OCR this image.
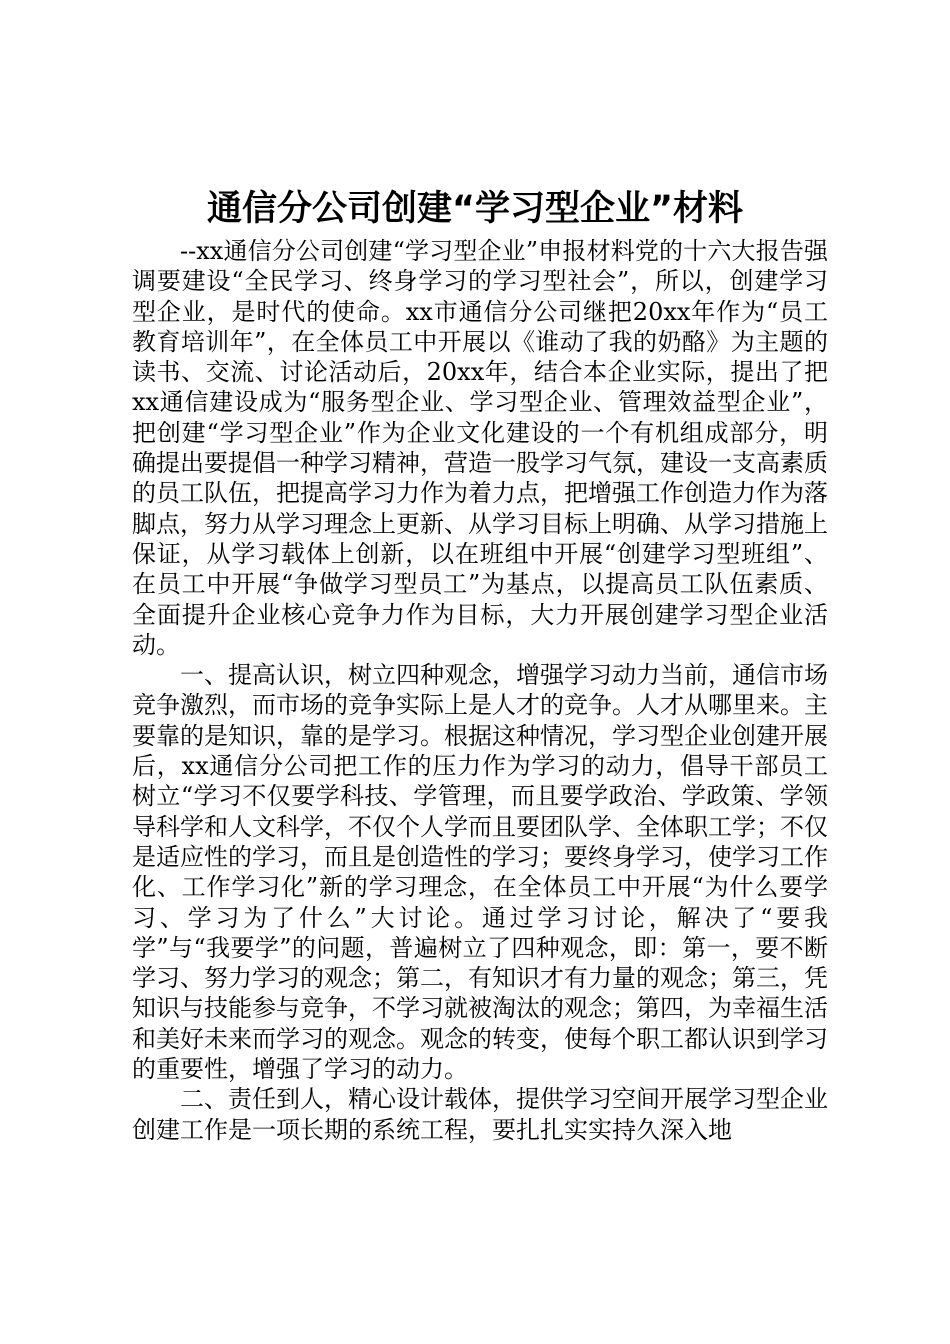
通信分公司创建“学习型企业”材料

--xx通信分公司创建“学习型企业”申报材料党的十六大报告强调要建设“全民学习、终身学习的学习型社会”，所以，创建学习型企业，是时代的使命。xx市通信分公司继把20xx年作为“员工教育培训年”，在全体员工中开展以《谁动了我的奶酪》为主题的读书、交流、讨论活动后，20xx年，结合本企业实际，提出了把xx通信建设成为“服务型企业、学习型企业、管理效益型企业”，把创建“学习型企业”作为企业文化建设的一个有机组成部分，明确提出要提倡一种学习精神，营造一股学习气氛，建设一支高素质的员工队伍，把提高学习力作为着力点，把增强工作创造力作为落脚点，努力从学习理念上更新、从学习目标上明确、从学习措施上保证，从学习载体上创新，以在班组中开展“创建学习型班组”、在员工中开展“争做学习型员工”为基点，以提高员工队伍素质、全面提升企业核心竞争力作为目标，大力开展创建学习型企业活动。

一、提高认识，树立四种观念，增强学习动力当前，通信市场竞争激烈，而市场的竞争实际上是人才的竞争。人才从哪里来。主要靠的是知识，靠的是学习。根据这种情况，学习型企业创建开展后，xx通信分公司把工作的压力作为学习的动力，倡导干部员工树立“学习不仅要学科技、学管理，而且要学政治、学政策、学领导科学和人文科学，不仅个人学而且要团队学、全体职工学；不仅是适应性的学习，而且是创造性的学习；要终身学习，使学习工作化、工作学习化”新的学习理念，在全体员工中开展“为什么要学习、学习为了什么”大讨论。通过学习讨论，解决了“要我学”与“我要学”的问题，普遍树立了四种观念，即：第一，要不断学习、努力学习的观念；第二，有知识才有力量的观念；第三，凭知识与技能参与竞争，不学习就被淘汰的观念；第四，为幸福生活和美好未来而学习的观念。观念的转变，使每个职工都认识到学习的重要性，增强了学习的动力。

二、责任到人，精心设计载体，提供学习空间开展学习型企业创建工作是一项长期的系统工程，要扎扎实实持久深入地
